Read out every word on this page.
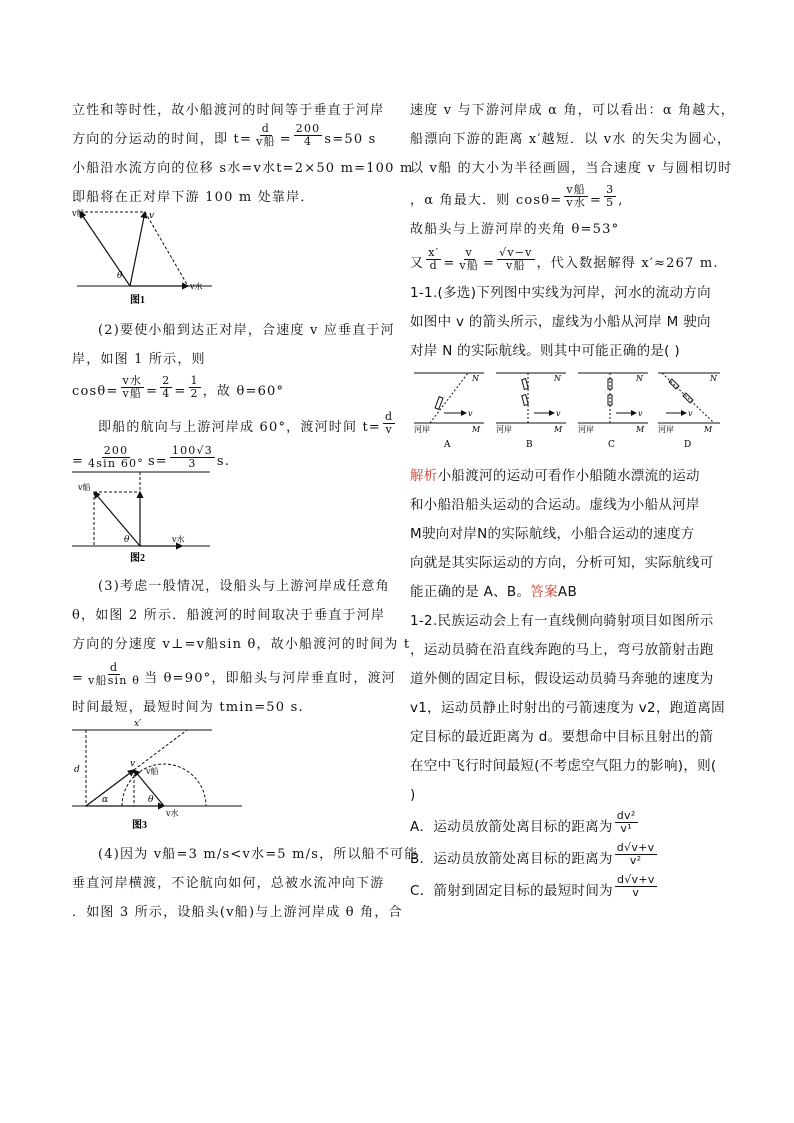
立性和等时性，故小船渡河的时间等于垂直于河岸
方向的分运动的时间，即 $t= \frac{d}{\text{v船}} = \frac{200}{4} s=50$ s
小船沿水流方向的位移 s水=v水t=2×50 m=100 m
即船将在正对岸下游 100 m 处靠岸．
v船	v
θ
v水
图1
(2)要使小船到达正对岸，合速度 v 应垂直于河
岸，如图 1 所示，则
$\cos\theta= \frac{\text{v水}}{\text{v船}} = \frac{2}{4} = \frac{1}{2}$ ，故 θ=60°
即船的航向与上游河岸成 60°，渡河时间 $t= \frac{d}{v}$
= $\frac{200}{4\sin 60^\circ} s= \frac{100√3}{3} s$.
v船
θ	v水
图2
(3)考虑一般情况，设船头与上游河岸成任意角
θ，如图 2 所示．船渡河的时间取决于垂直于河岸
方向的分速度 v⊥=v船sin θ，故小船渡河的时间为 t
= $\frac{d}{\text{v船sin θ}}$ 当 θ=90°，即船头与河岸垂直时，渡河
时间最短，最短时间为 tmin=50 s.
x′
d
v
v船
α	θ
v水
图3
(4)因为 v船=3 m/s<v水=5 m/s，所以船不可能
垂直河岸横渡，不论航向如何，总被水流冲向下游
．如图 3 所示，设船头(v船)与上游河岸成 θ 角，合
速度 v 与下游河岸成 α 角，可以看出：α 角越大，
船漂向下游的距离 x′越短．以 v水 的矢尖为圆心，
以 v船 的大小为半径画圆，当合速度 v 与圆相切时
，α 角最大．则 $\cos\theta= \frac{\text{v船}}{\text{v水}} = \frac{3}{5}$ ,
故船头与上游河岸的夹角 θ=53°
又 $\frac{x'}{d} = \frac{v}{\text{v船}} = \frac{√v-v}{\text{v船}}$ ，代入数据解得 x′≈267 m.
1-1.(多选)下列图中实线为河岸，河水的流动方向
如图中 v 的箭头所示，虚线为小船从河岸 M 驶向
对岸 N 的实际航线。则其中可能正确的是( )
v
N
M
河岸
A
v
N
M
河岸
B
v
N
M
河岸
C
v
N
M
河岸
D
解析 小船渡河的运动可看作小船随水漂流的运动
和小船沿船头运动的合运动。虚线为小船从河岸
M驶向对岸N的实际航线，小船合运动的速度方
向就是其实际运动的方向，分析可知，实际航线可
能正确的是 A、B。 答案 AB
1-2.民族运动会上有一直线侧向骑射项目如图所示
，运动员骑在沿直线奔跑的马上，弯弓放箭射击跑
道外侧的固定目标，假设运动员骑马奔驰的速度为
v1，运动员静止时射出的弓箭速度为 v2，跑道离固
定目标的最近距离为 d。要想命中目标且射出的箭
在空中飞行时间最短(不考虑空气阻力的影响)，则(
)
A．运动员放箭处离目标的距离为 $\frac{\text{dv²}}{\text{v¹}}$
B．运动员放箭处离目标的距离为 $\frac{d√v+v}{\text{v²}}$
C．箭射到固定目标的最短时间为 $\frac{d√v+v}{v}$
